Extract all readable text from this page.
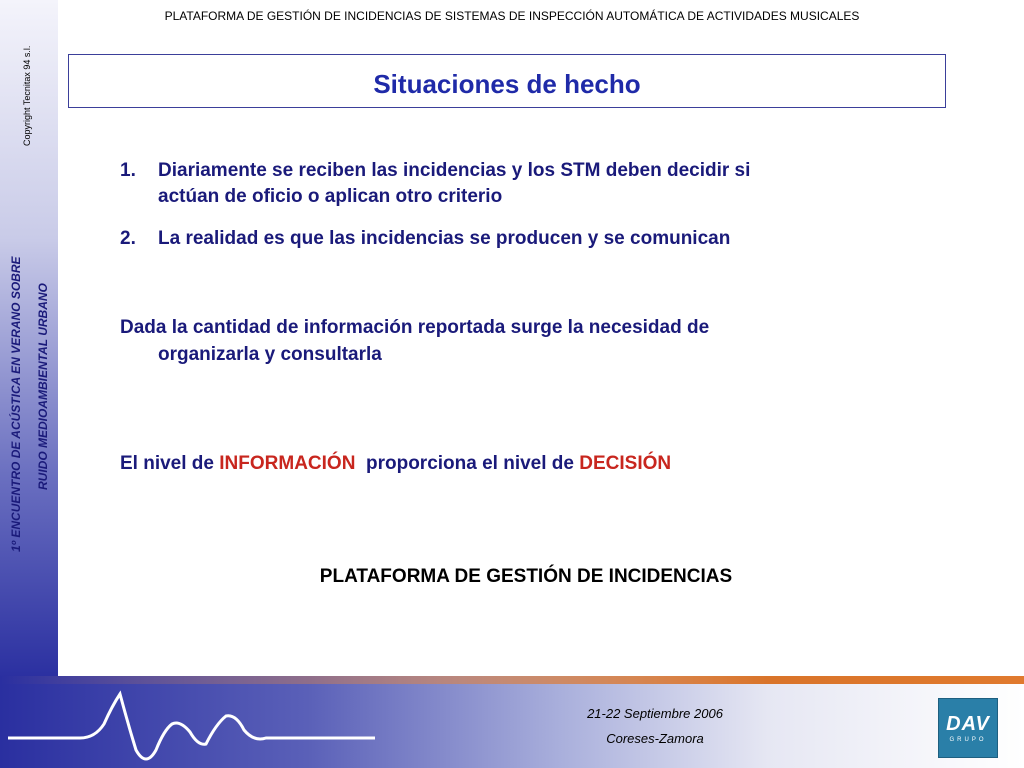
1º ENCUENTRO DE ACÚSTICA EN VERANO SOBRE RUIDO MEDIOAMBIENTAL URBANO
Copyright Tecnitax 94 s.l.
PLATAFORMA DE GESTIÓN DE INCIDENCIAS DE SISTEMAS DE INSPECCIÓN AUTOMÁTICA DE ACTIVIDADES MUSICALES
Situaciones de hecho
1. Diariamente se reciben las incidencias y los STM deben decidir si
actúan de oficio o aplican otro criterio
2. La realidad es que las incidencias se producen y se comunican
Dada la cantidad de información reportada surge la necesidad de
organizarla y consultarla
El nivel de INFORMACIÓN  proporciona el nivel de DECISIÓN
PLATAFORMA DE GESTIÓN DE INCIDENCIAS
21-22 Septiembre 2006
Coreses-Zamora
DAV
GRUPO
